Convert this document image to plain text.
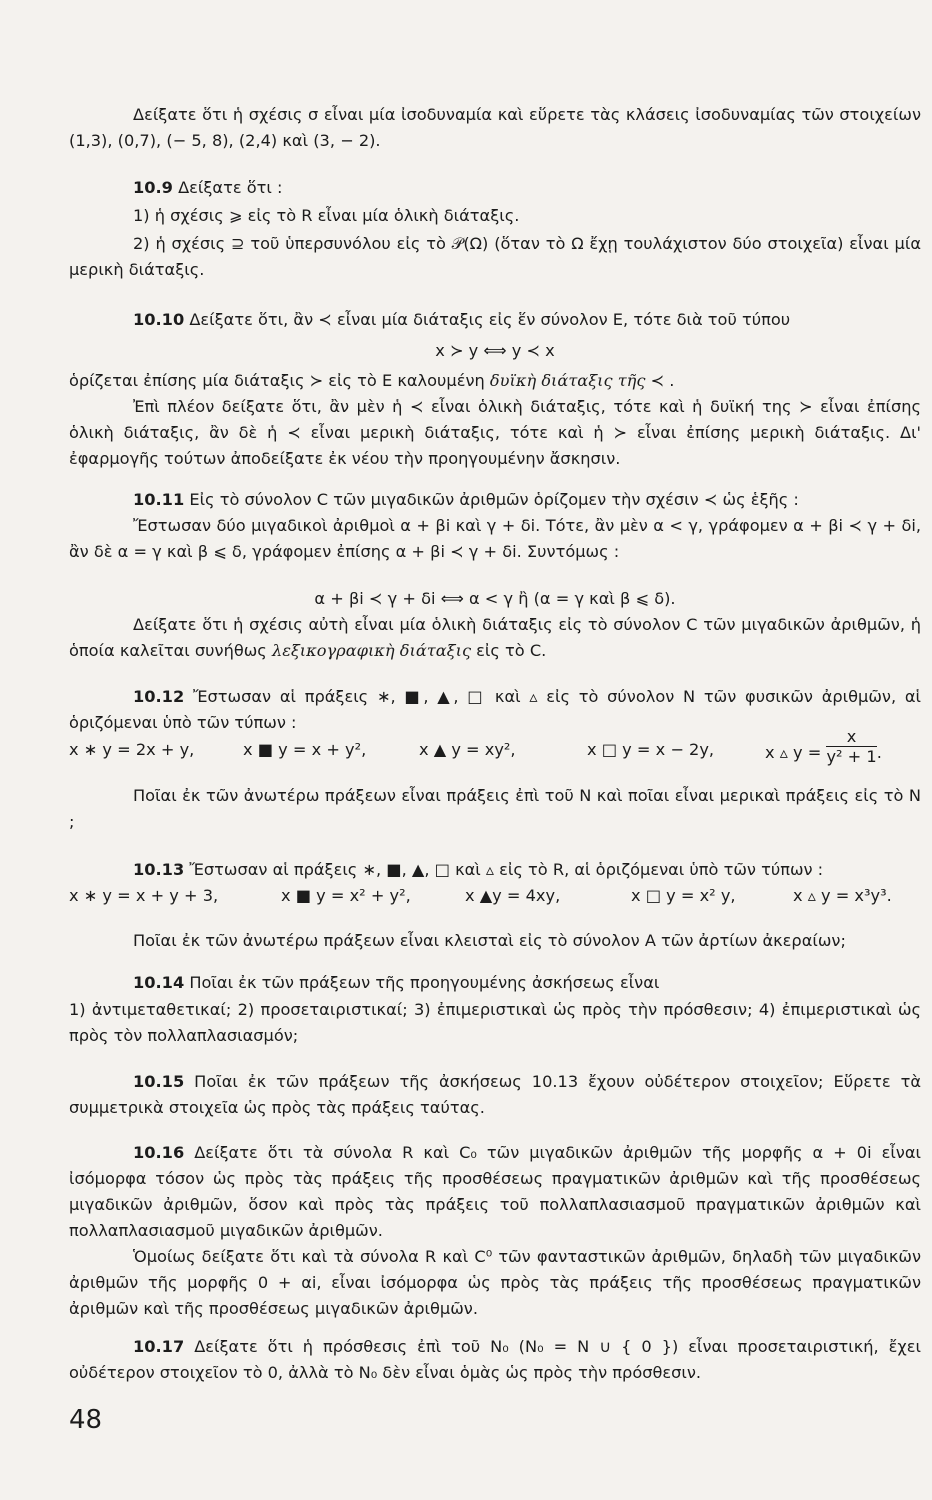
Δείξατε ὅτι ἡ σχέσις σ εἶναι μία ἰσοδυναμία καὶ εὕρετε τὰς κλάσεις ἰσοδυναμίας τῶν στοιχείων (1,3), (0,7), (− 5, 8), (2,4) καὶ (3, − 2).
10.9 Δείξατε ὅτι :
1) ἡ σχέσις ⩾ εἰς τὸ R εἶναι μία ὁλικὴ διάταξις.
2) ἡ σχέσις ⊇ τοῦ ὑπερσυνόλου εἰς τὸ 𝒫(Ω) (ὅταν τὸ Ω ἔχῃ τουλάχιστον δύο στοιχεῖα) εἶναι μία μερικὴ διάταξις.
10.10 Δείξατε ὅτι, ἂν ≺ εἶναι μία διάταξις εἰς ἕν σύνολον E, τότε διὰ τοῦ τύπου
x ≻ y ⟺ y ≺ x
ὁρίζεται ἐπίσης μία διάταξις ≻ εἰς τὸ E καλουμένη δυϊκὴ διάταξις τῆς ≺ .
Ἐπὶ πλέον δείξατε ὅτι, ἂν μὲν ἡ ≺ εἶναι ὁλικὴ διάταξις, τότε καὶ ἡ δυϊκή της ≻ εἶναι ἐπίσης ὁλικὴ διάταξις, ἂν δὲ ἡ ≺ εἶναι μερικὴ διάταξις, τότε καὶ ἡ ≻ εἶναι ἐπίσης μερικὴ διάταξις. Δι' ἐφαρμογῆς τούτων ἀποδείξατε ἐκ νέου τὴν προηγουμένην ἄσκησιν.
10.11 Εἰς τὸ σύνολον C τῶν μιγαδικῶν ἀριθμῶν ὁρίζομεν τὴν σχέσιν ≺ ὡς ἑξῆς :
Ἔστωσαν δύο μιγαδικοὶ ἀριθμοὶ α + βi καὶ γ + δi. Τότε, ἂν μὲν α < γ, γράφομεν α + βi ≺ γ + δi, ἂν δὲ α = γ καὶ β ⩽ δ, γράφομεν ἐπίσης α + βi ≺ γ + δi. Συντόμως :
α + βi ≺ γ + δi ⟺ α < γ ἢ (α = γ καὶ β ⩽ δ).
Δείξατε ὅτι ἡ σχέσις αὐτὴ εἶναι μία ὁλικὴ διάταξις εἰς τὸ σύνολον C τῶν μιγαδικῶν ἀριθμῶν, ἡ ὁποία καλεῖται συνήθως λεξικογραφικὴ διάταξις εἰς τὸ C.
10.12 Ἔστωσαν αἱ πράξεις ∗, ■, ▲, □ καὶ ▵ εἰς τὸ σύνολον N τῶν φυσικῶν ἀριθμῶν, αἱ ὁριζόμεναι ὑπὸ τῶν τύπων :
x ∗ y = 2x + y,	x ■ y = x + y²,	x ▲ y = xy²,	x □ y = x − 2y,	x ▵ $y = \frac{x}{\text{y² + 1}}$ .
Ποῖαι ἐκ τῶν ἀνωτέρω πράξεων εἶναι πράξεις ἐπὶ τοῦ N καὶ ποῖαι εἶναι μερικαὶ πράξεις εἰς τὸ N ;
10.13 Ἔστωσαν αἱ πράξεις ∗, ■, ▲, □ καὶ ▵ εἰς τὸ R, αἱ ὁριζόμεναι ὑπὸ τῶν τύπων :
x ∗ y = x + y + 3,	x ■ y = x² + y²,	x ▲y = 4xy,	x □ y = x² y,	x ▵ y = x³y³.
Ποῖαι ἐκ τῶν ἀνωτέρω πράξεων εἶναι κλεισταὶ εἰς τὸ σύνολον A τῶν ἀρτίων ἀκεραίων;
10.14 Ποῖαι ἐκ τῶν πράξεων τῆς προηγουμένης ἀσκήσεως εἶναι
1) ἀντιμεταθετικαί; 2) προσεταιριστικαί; 3) ἐπιμεριστικαὶ ὡς πρὸς τὴν πρόσθεσιν; 4) ἐπιμεριστικαὶ ὡς πρὸς τὸν πολλαπλασιασμόν;
10.15 Ποῖαι ἐκ τῶν πράξεων τῆς ἀσκήσεως 10.13 ἔχουν οὐδέτερον στοιχεῖον; Εὕρετε τὰ συμμετρικὰ στοιχεῖα ὡς πρὸς τὰς πράξεις ταύτας.
10.16 Δείξατε ὅτι τὰ σύνολα R καὶ C₀ τῶν μιγαδικῶν ἀριθμῶν τῆς μορφῆς α + 0i εἶναι ἰσόμορφα τόσον ὡς πρὸς τὰς πράξεις τῆς προσθέσεως πραγματικῶν ἀριθμῶν καὶ τῆς προσθέσεως μιγαδικῶν ἀριθμῶν, ὅσον καὶ πρὸς τὰς πράξεις τοῦ πολλαπλασιασμοῦ πραγματικῶν ἀριθμῶν καὶ πολλαπλασιασμοῦ μιγαδικῶν ἀριθμῶν.
Ὁμοίως δείξατε ὅτι καὶ τὰ σύνολα R καὶ C⁰ τῶν φανταστικῶν ἀριθμῶν, δηλαδὴ τῶν μιγαδικῶν ἀριθμῶν τῆς μορφῆς 0 + αi, εἶναι ἰσόμορφα ὡς πρὸς τὰς πράξεις τῆς προσθέσεως πραγματικῶν ἀριθμῶν καὶ τῆς προσθέσεως μιγαδικῶν ἀριθμῶν.
10.17 Δείξατε ὅτι ἡ πρόσθεσις ἐπὶ τοῦ N₀ (N₀ = N ∪ { 0 }) εἶναι προσεταιριστική, ἔχει οὐδέτερον στοιχεῖον τὸ 0, ἀλλὰ τὸ N₀ δὲν εἶναι ὁμὰς ὡς πρὸς τὴν πρόσθεσιν.
48
